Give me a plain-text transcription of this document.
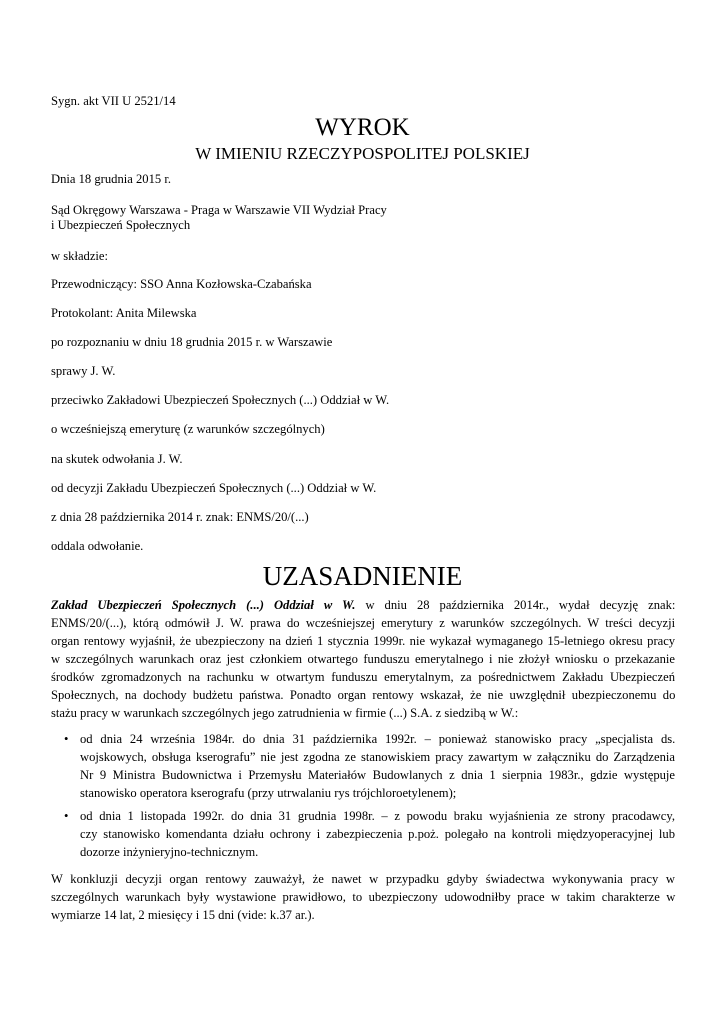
Sygn. akt VII U 2521/14
WYROK
W IMIENIU RZECZYPOSPOLITEJ POLSKIEJ
Dnia 18 grudnia 2015 r.
Sąd Okręgowy Warszawa - Praga w Warszawie VII Wydział Pracy
i Ubezpieczeń Społecznych
w składzie:
Przewodniczący: SSO Anna Kozłowska-Czabańska
Protokolant: Anita Milewska
po rozpoznaniu w dniu 18 grudnia 2015 r. w Warszawie
sprawy J. W.
przeciwko Zakładowi Ubezpieczeń Społecznych (...) Oddział w W.
o wcześniejszą emeryturę (z warunków szczególnych)
na skutek odwołania J. W.
od decyzji Zakładu Ubezpieczeń Społecznych (...) Oddział w W.
z dnia 28 października 2014 r. znak: ENMS/20/(...)
oddala odwołanie.
UZASADNIENIE
Zakład Ubezpieczeń Społecznych (...) Oddział w W. w dniu 28 października 2014r., wydał decyzję znak:
ENMS/20/(...), którą odmówił J. W. prawa do wcześniejszej emerytury z warunków szczególnych. W treści decyzji
organ rentowy wyjaśnił, że ubezpieczony na dzień 1 stycznia 1999r. nie wykazał wymaganego 15-letniego okresu pracy
w szczególnych warunkach oraz jest członkiem otwartego funduszu emerytalnego i nie złożył wniosku o przekazanie
środków zgromadzonych na rachunku w otwartym funduszu emerytalnym, za pośrednictwem Zakładu Ubezpieczeń
Społecznych, na dochody budżetu państwa. Ponadto organ rentowy wskazał, że nie uwzględnił ubezpieczonemu do
stażu pracy w warunkach szczególnych jego zatrudnienia w firmie (...) S.A. z siedzibą w W.:
• od dnia 24 września 1984r. do dnia 31 października 1992r. – ponieważ stanowisko pracy „specjalista ds.
wojskowych, obsługa kserografu” nie jest zgodna ze stanowiskiem pracy zawartym w załączniku do Zarządzenia
Nr 9 Ministra Budownictwa i Przemysłu Materiałów Budowlanych z dnia 1 sierpnia 1983r., gdzie występuje
stanowisko operatora kserografu (przy utrwalaniu rys trójchloroetylenem);
• od dnia 1 listopada 1992r. do dnia 31 grudnia 1998r. – z powodu braku wyjaśnienia ze strony pracodawcy,
czy stanowisko komendanta działu ochrony i zabezpieczenia p.poż. polegało na kontroli międzyoperacyjnej lub
dozorze inżynieryjno-technicznym.
W konkluzji decyzji organ rentowy zauważył, że nawet w przypadku gdyby świadectwa wykonywania pracy w
szczególnych warunkach były wystawione prawidłowo, to ubezpieczony udowodniłby prace w takim charakterze w
wymiarze 14 lat, 2 miesięcy i 15 dni (vide: k.37 ar.).
